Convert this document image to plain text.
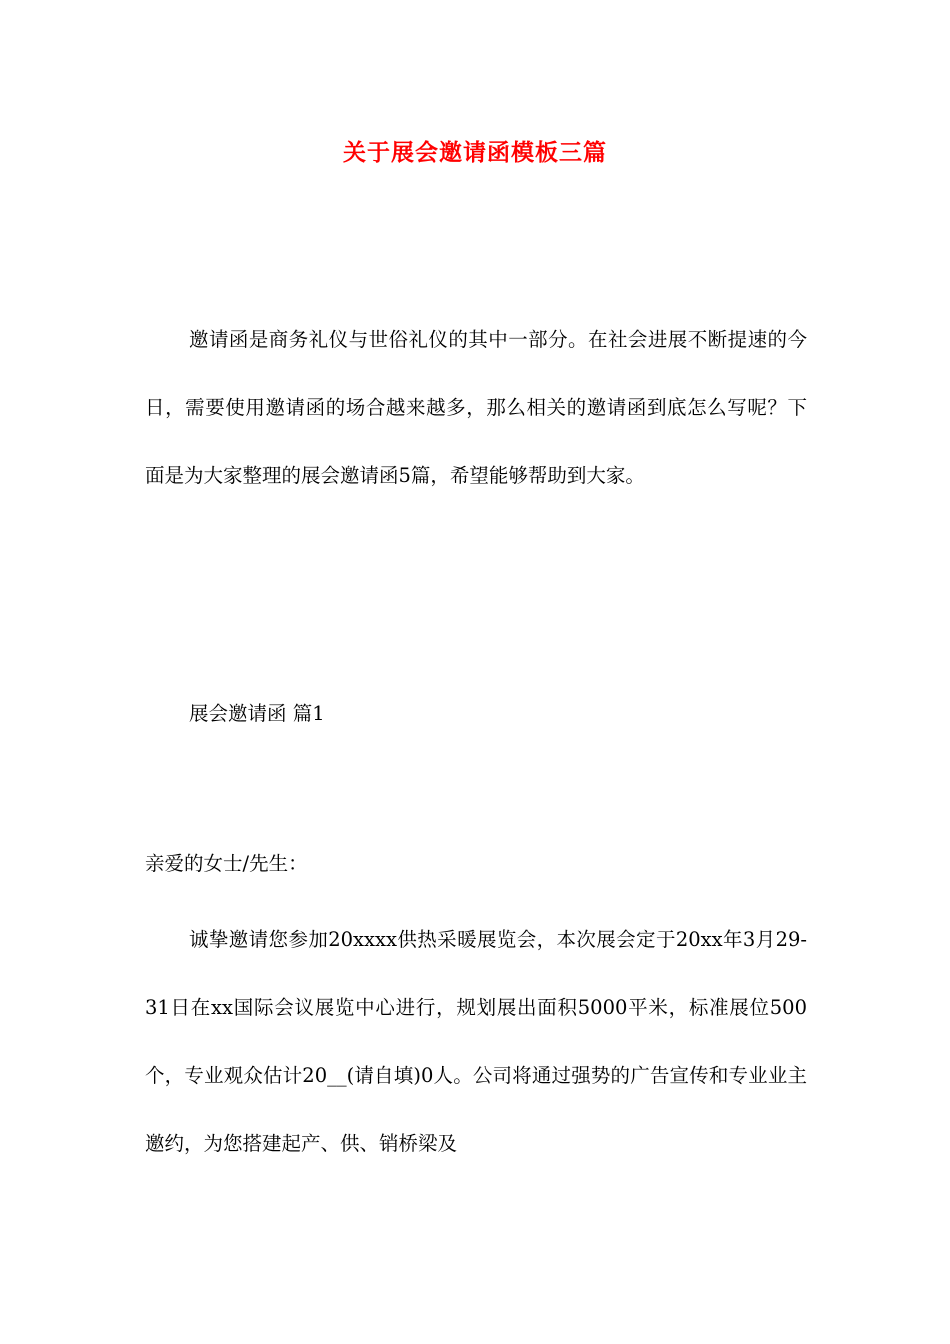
关于展会邀请函模板三篇

邀请函是商务礼仪与世俗礼仪的其中一部分。在社会进展不断提速的今日，需要使用邀请函的场合越来越多，那么相关的邀请函到底怎么写呢？下面是为大家整理的展会邀请函5篇，希望能够帮助到大家。

展会邀请函 篇1

亲爱的女士/先生：

诚挚邀请您参加20xxxx供热采暖展览会，本次展会定于20xx年3月29-31日在xx国际会议展览中心进行，规划展出面积5000平米，标准展位500个，专业观众估计20__(请自填)0人。公司将通过强势的广告宣传和专业业主邀约，为您搭建起产、供、销桥梁及
